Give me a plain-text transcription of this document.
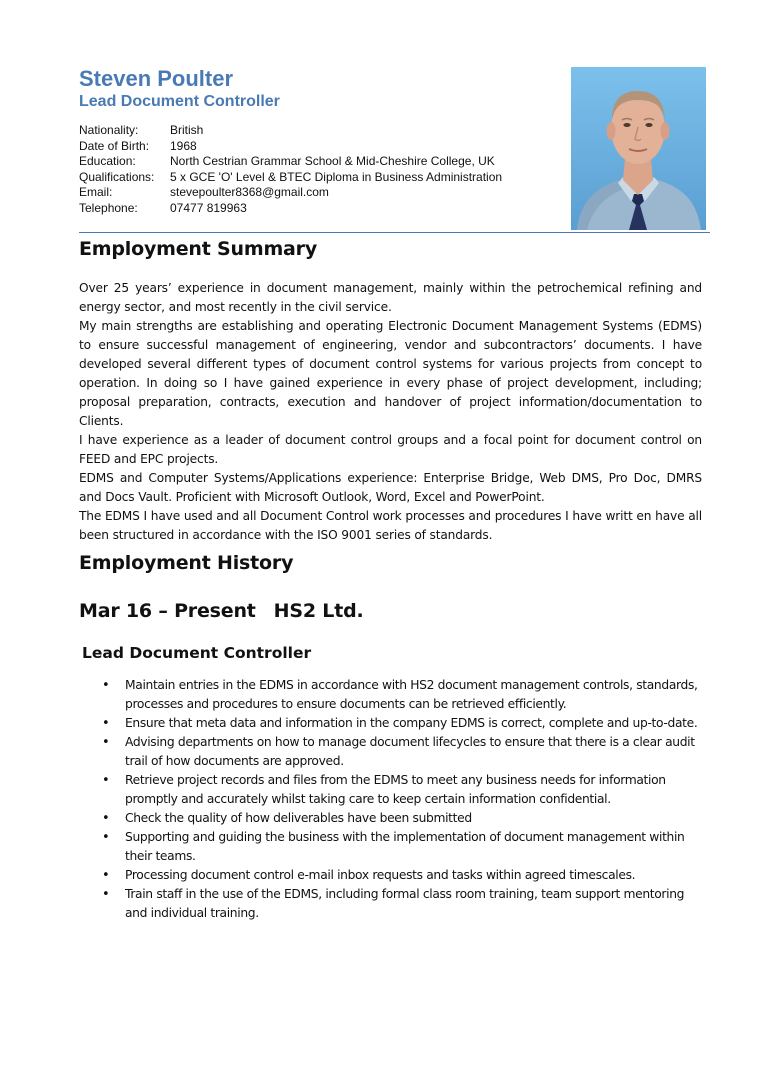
Steven Poulter
Lead Document Controller
Nationality:	British
Date of Birth:	1968
Education:	North Cestrian Grammar School & Mid-Cheshire College, UK
Qualifications:	5 x GCE 'O' Level & BTEC Diploma in Business Administration
Email:	stevepoulter8368@gmail.com
Telephone:	07477 819963
Employment Summary

Over 25 years’ experience in document management, mainly within the petrochemical refining and energy sector, and most recently in the civil service.

My main strengths are establishing and operating Electronic Document Management Systems (EDMS) to ensure successful management of engineering, vendor and subcontractors’ documents. I have developed several different types of document control systems for various projects from concept to operation. In doing so I have gained experience in every phase of project development, including; proposal preparation, contracts, execution and handover of project information/documentation to Clients.

I have experience as a leader of document control groups and a focal point for document control on FEED and EPC projects.

EDMS and Computer Systems/Applications experience: Enterprise Bridge, Web DMS, Pro Doc, DMRS and Docs Vault. Proficient with Microsoft Outlook, Word, Excel and PowerPoint.

The EDMS I have used and all Document Control work processes and procedures I have writt en have all been structured in accordance with the ISO 9001 series of standards.

Employment History
Mar 16 – Present HS2 Ltd.
Lead Document Controller
• Maintain entries in the EDMS in accordance with HS2 document management controls, standards, processes and procedures to ensure documents can be retrieved efficiently.
• Ensure that meta data and information in the company EDMS is correct, complete and up-to-date.
• Advising departments on how to manage document lifecycles to ensure that there is a clear audit trail of how documents are approved.
• Retrieve project records and files from the EDMS to meet any business needs for information promptly and accurately whilst taking care to keep certain information confidential.
• Check the quality of how deliverables have been submitted
• Supporting and guiding the business with the implementation of document management within their teams.
• Processing document control e-mail inbox requests and tasks within agreed timescales.
• Train staff in the use of the EDMS, including formal class room training, team support mentoring and individual training.
